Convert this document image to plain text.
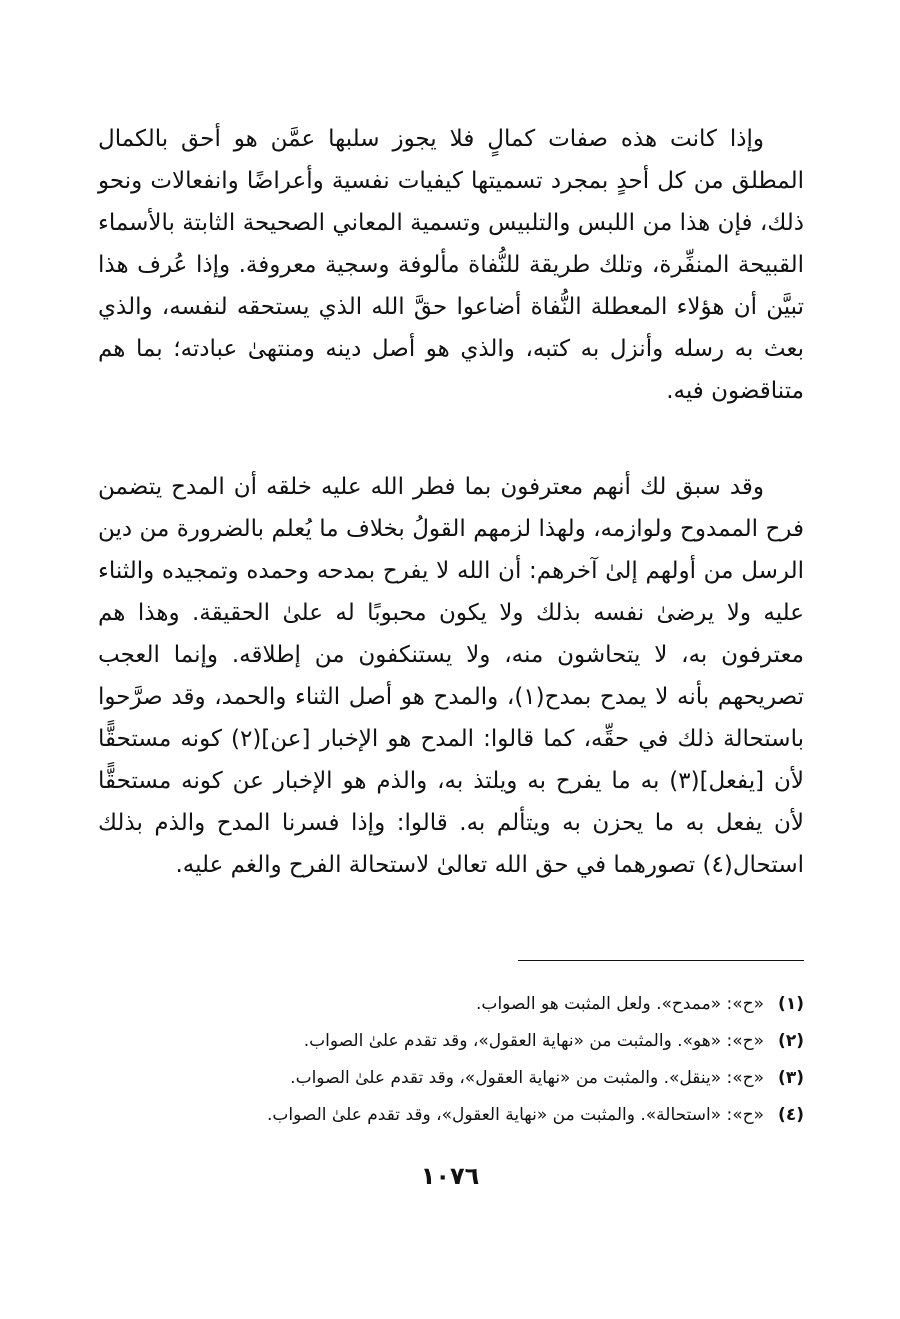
وإذا كانت هذه صفات كمالٍ فلا يجوز سلبها عمَّن هو أحق بالكمال المطلق من كل أحدٍ بمجرد تسميتها كيفيات نفسية وأعراضًا وانفعالات ونحو ذلك، فإن هذا من اللبس والتلبيس وتسمية المعاني الصحيحة الثابتة بالأسماء القبيحة المنفِّرة، وتلك طريقة للنُّفاة مألوفة وسجية معروفة. وإذا عُرف هذا تبيَّن أن هؤلاء المعطلة النُّفاة أضاعوا حقَّ الله الذي يستحقه لنفسه، والذي بعث به رسله وأنزل به كتبه، والذي هو أصل دينه ومنتهىٰ عبادته؛ بما هم متناقضون فيه.

وقد سبق لك أنهم معترفون بما فطر الله عليه خلقه أن المدح يتضمن فرح الممدوح ولوازمه، ولهذا لزمهم القولُ بخلاف ما يُعلم بالضرورة من دين الرسل من أولهم إلىٰ آخرهم: أن الله لا يفرح بمدحه وحمده وتمجيده والثناء عليه ولا يرضىٰ نفسه بذلك ولا يكون محبوبًا له علىٰ الحقيقة. وهذا هم معترفون به، لا يتحاشون منه، ولا يستنكفون من إطلاقه. وإنما العجب تصريحهم بأنه لا يمدح بمدح(١)، والمدح هو أصل الثناء والحمد، وقد صرَّحوا باستحالة ذلك في حقِّه، كما قالوا: المدح هو الإخبار [عن](٢) كونه مستحقًّا لأن [يفعل](٣) به ما يفرح به ويلتذ به، والذم هو الإخبار عن كونه مستحقًّا لأن يفعل به ما يحزن به ويتألم به. قالوا: وإذا فسرنا المدح والذم بذلك استحال(٤) تصورهما في حق الله تعالىٰ لاستحالة الفرح والغم عليه.

(١)
«ح»: «ممدح». ولعل المثبت هو الصواب.
(٢)
«ح»: «هو». والمثبت من «نهاية العقول»، وقد تقدم علىٰ الصواب.
(٣)
«ح»: «ينقل». والمثبت من «نهاية العقول»، وقد تقدم علىٰ الصواب.
(٤)
«ح»: «استحالة». والمثبت من «نهاية العقول»، وقد تقدم علىٰ الصواب.
١٠٧٦
